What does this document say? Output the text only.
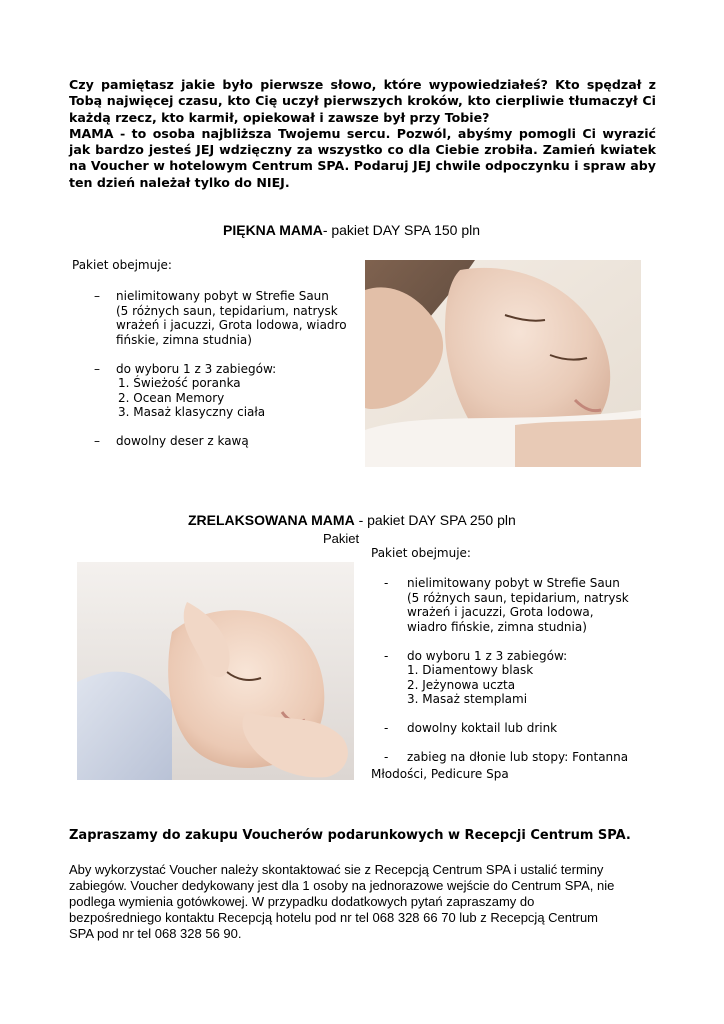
Czy pamiętasz jakie było pierwsze słowo, które wypowiedziałeś? Kto spędzał z Tobą najwięcej czasu, kto Cię uczył pierwszych kroków, kto cierpliwie tłumaczył Ci każdą rzecz, kto karmił, opiekował i zawsze był przy Tobie?

MAMA - to osoba najbliższa Twojemu sercu. Pozwól, abyśmy pomogli Ci wyrazić jak bardzo jesteś JEJ wdzięczny za wszystko co dla Ciebie zrobiła. Zamień kwiatek na Voucher w hotelowym Centrum SPA. Podaruj JEJ chwile odpoczynku i spraw aby ten dzień należał tylko do NIEJ.

PIĘKNA MAMA- pakiet DAY SPA 150 pln
Pakiet obejmuje:
– nielimitowany pobyt w Strefie Saun
(5 różnych saun, tepidarium, natrysk
wrażeń i jacuzzi, Grota lodowa, wiadro
fińskie, zimna studnia)
– do wyboru 1 z 3 zabiegów:
1. Świeżość poranka
2. Ocean Memory
3. Masaż klasyczny ciała
– dowolny deser z kawą
ZRELAKSOWANA MAMA - pakiet DAY SPA 250 pln
Pakiet
Pakiet obejmuje:
- nielimitowany pobyt w Strefie Saun
(5 różnych saun, tepidarium, natrysk
wrażeń i jacuzzi, Grota lodowa,
wiadro fińskie, zimna studnia)
- do wyboru 1 z 3 zabiegów:
1. Diamentowy blask
2. Jeżynowa uczta
3. Masaż stemplami
- dowolny koktail lub drink
- zabieg na dłonie lub stopy: Fontanna
Młodości, Pedicure Spa
Zapraszamy do zakupu Voucherów podarunkowych w Recepcji Centrum SPA.
Aby wykorzystać Voucher należy skontaktować sie z Recepcją Centrum SPA i ustalić terminy
zabiegów. Voucher dedykowany jest dla 1 osoby na jednorazowe wejście do Centrum SPA, nie
podlega wymienia gotówkowej. W przypadku dodatkowych pytań zapraszamy do
bezpośredniego kontaktu Recepcją hotelu pod nr tel 068 328 66 70 lub z Recepcją Centrum
SPA pod nr tel 068 328 56 90.
